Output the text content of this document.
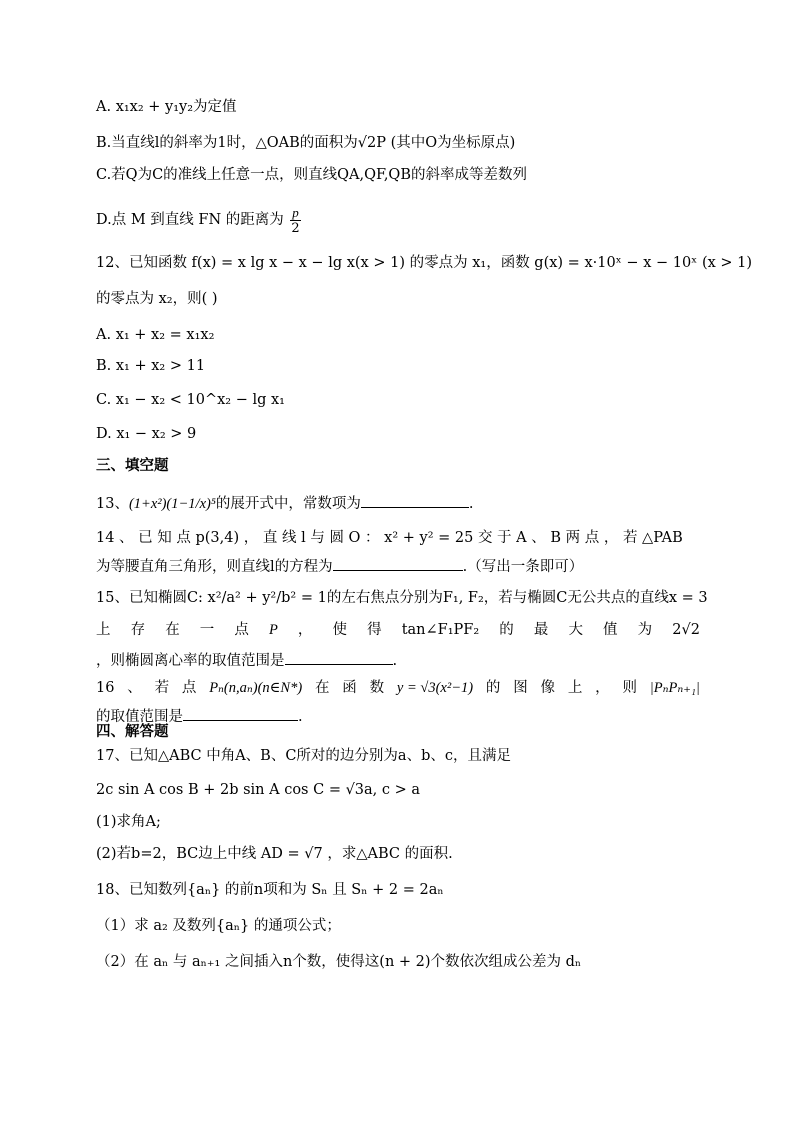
A. x₁x₂ + y₁y₂为定值
B.当直线l的斜率为1时，△OAB的面积为√2P (其中O为坐标原点)
C.若Q为C的准线上任意一点，则直线QA,QF,QB的斜率成等差数列
D.点 M 到直线 FN 的距离为 $\frac{p}{2}$
12、已知函数 f(x) = x lg x − x − lg x(x > 1) 的零点为 x₁，函数 g(x) = x·10ˣ − x − 10ˣ (x > 1)
的零点为 x₂，则( )
A. x₁ + x₂ = x₁x₂
B. x₁ + x₂ > 11
C. x₁ − x₂ < 10^x₂ − lg x₁
D. x₁ − x₂ > 9
三、填空题
13、(1+x²)(1−1/x)⁵的展开式中，常数项为	.
14 、 已 知 点 p(3,4) ， 直 线 l 与 圆 O ： x² + y² = 25 交 于 A 、 B 两 点 ， 若 △PAB
为等腰直角三角形，则直线l的方程为	.（写出一条即可）
15、已知椭圆C: x²/a² + y²/b² = 1的左右焦点分别为F₁, F₂，若与椭圆C无公共点的直线x = 3
上 存 在 一 点 P ， 使 得 tan∠F₁PF₂ 的 最 大 值 为 2√2
，则椭圆离心率的取值范围是	.
16 、 若 点 Pₙ(n,aₙ)(n∈N*) 在 函 数 y = √3(x²−1) 的 图 像 上 ， 则 |PₙPₙ₊₁|
的取值范围是	.
四、解答题
17、已知△ABC 中角A、B、C所对的边分别为a、b、c，且满足
2c sin A cos B + 2b sin A cos C = √3a, c > a
(1)求角A;
(2)若b=2，BC边上中线 AD = √7 ，求△ABC 的面积.
18、已知数列{aₙ} 的前n项和为 Sₙ 且 Sₙ + 2 = 2aₙ
（1）求 a₂ 及数列{aₙ} 的通项公式；
（2）在 aₙ 与 aₙ₊₁ 之间插入n个数，使得这(n + 2)个数依次组成公差为 dₙ
